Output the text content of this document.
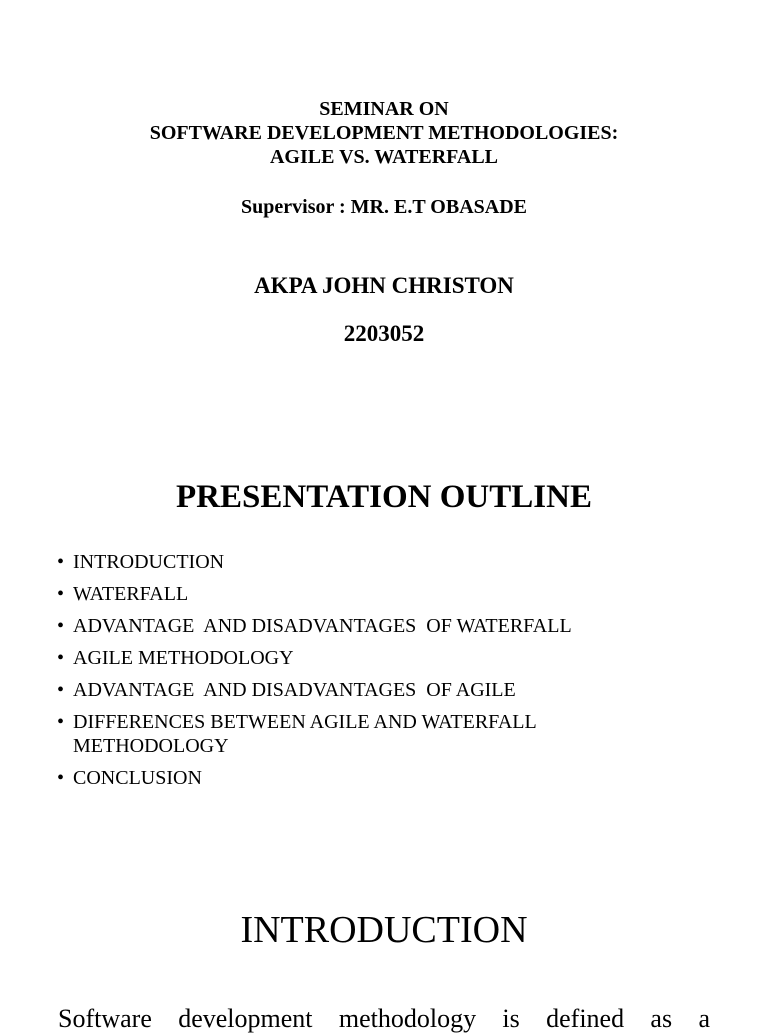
SEMINAR ON
SOFTWARE DEVELOPMENT METHODOLOGIES:
AGILE VS. WATERFALL
Supervisor : MR. E.T OBASADE
AKPA JOHN CHRISTON
2203052
PRESENTATION OUTLINE
• INTRODUCTION
• WATERFALL
• ADVANTAGE  AND DISADVANTAGES  OF WATERFALL
• AGILE METHODOLOGY
• ADVANTAGE  AND DISADVANTAGES  OF AGILE
• DIFFERENCES BETWEEN AGILE AND WATERFALL METHODOLOGY
• CONCLUSION
INTRODUCTION
Software development methodology is defined as a
